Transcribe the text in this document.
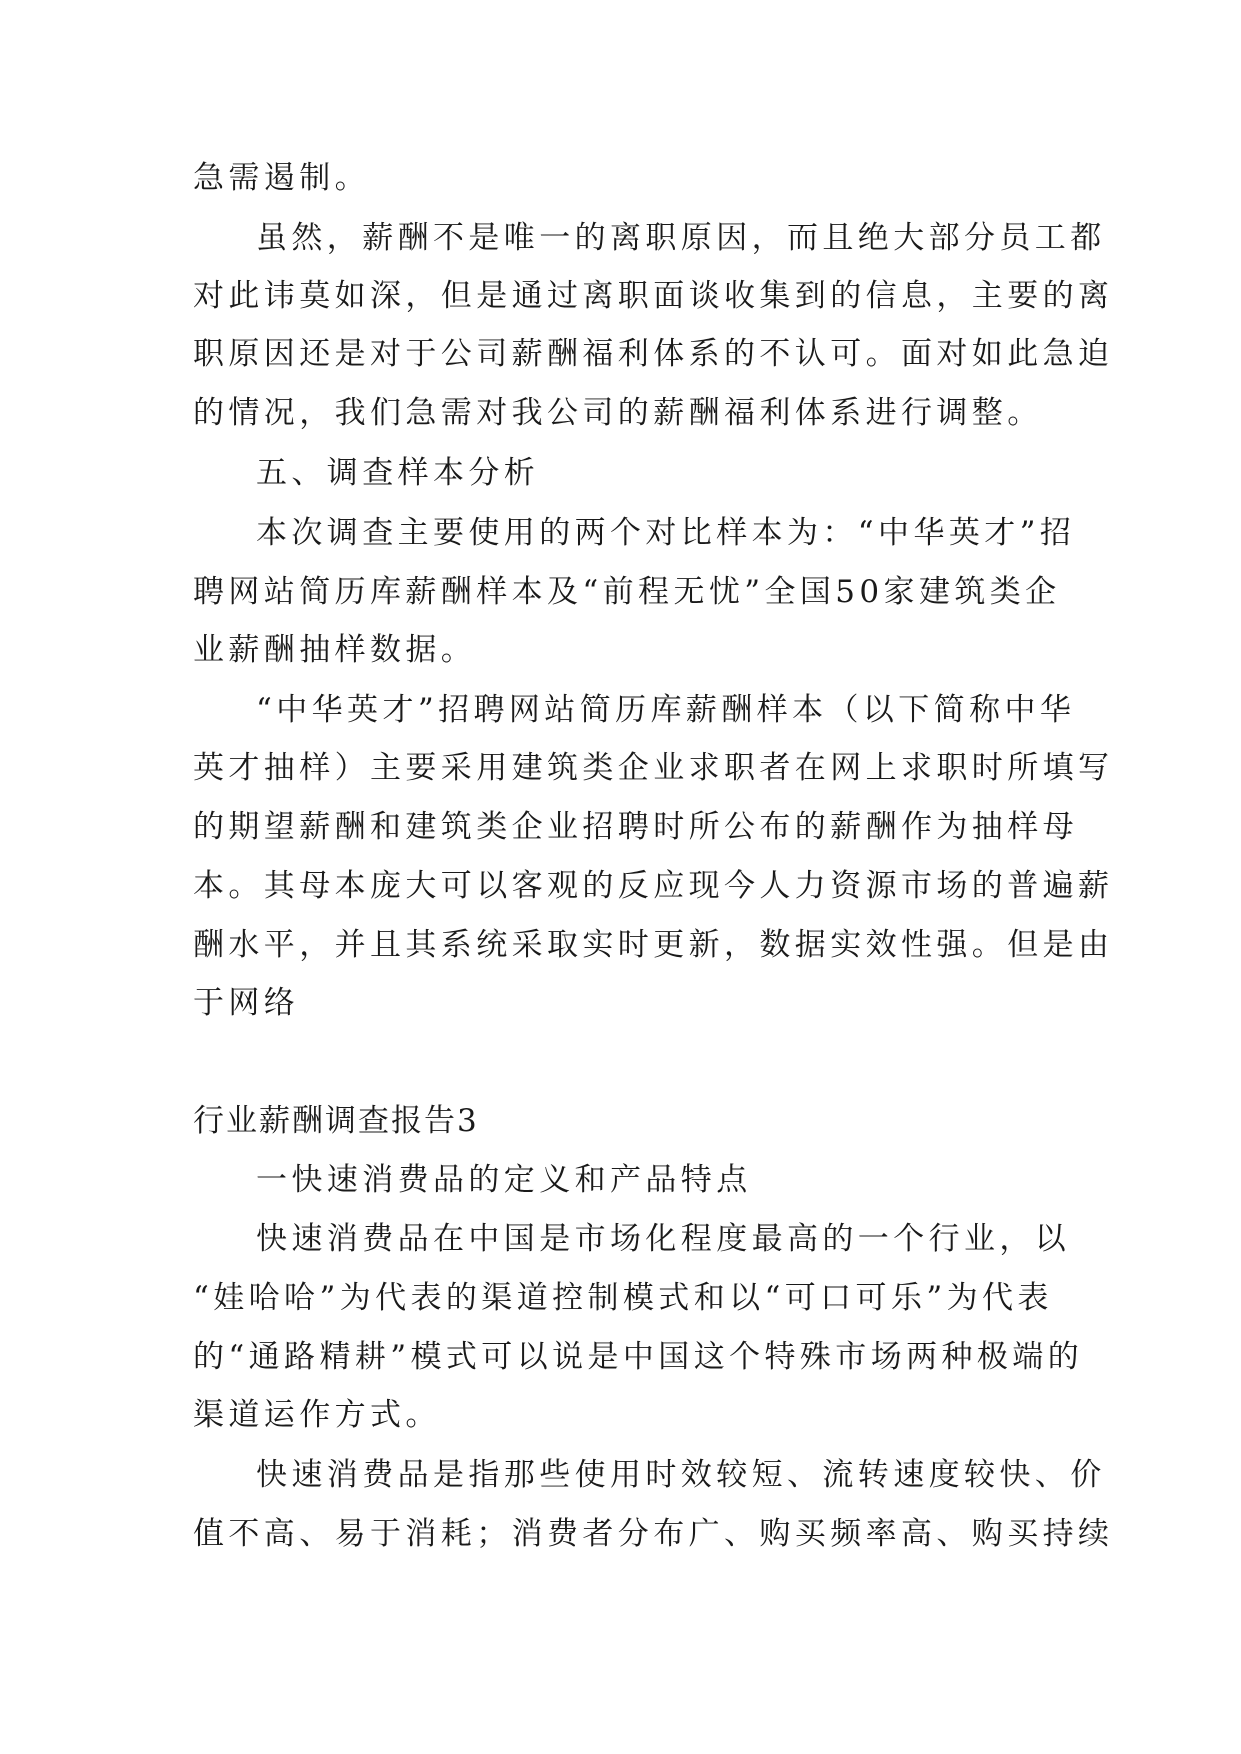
急需遏制。
虽然，薪酬不是唯一的离职原因，而且绝大部分员工都
对此讳莫如深，但是通过离职面谈收集到的信息，主要的离
职原因还是对于公司薪酬福利体系的不认可。面对如此急迫
的情况，我们急需对我公司的薪酬福利体系进行调整。
五、调查样本分析
本次调查主要使用的两个对比样本为：“中华英才”招
聘网站简历库薪酬样本及“前程无忧”全国50家建筑类企
业薪酬抽样数据。
“中华英才”招聘网站简历库薪酬样本（以下简称中华
英才抽样）主要采用建筑类企业求职者在网上求职时所填写
的期望薪酬和建筑类企业招聘时所公布的薪酬作为抽样母
本。其母本庞大可以客观的反应现今人力资源市场的普遍薪
酬水平，并且其系统采取实时更新，数据实效性强。但是由
于网络
行业薪酬调查报告3
一快速消费品的定义和产品特点
快速消费品在中国是市场化程度最高的一个行业，以
“娃哈哈”为代表的渠道控制模式和以“可口可乐”为代表
的“通路精耕”模式可以说是中国这个特殊市场两种极端的
渠道运作方式。
快速消费品是指那些使用时效较短、流转速度较快、价
值不高、易于消耗；消费者分布广、购买频率高、购买持续
